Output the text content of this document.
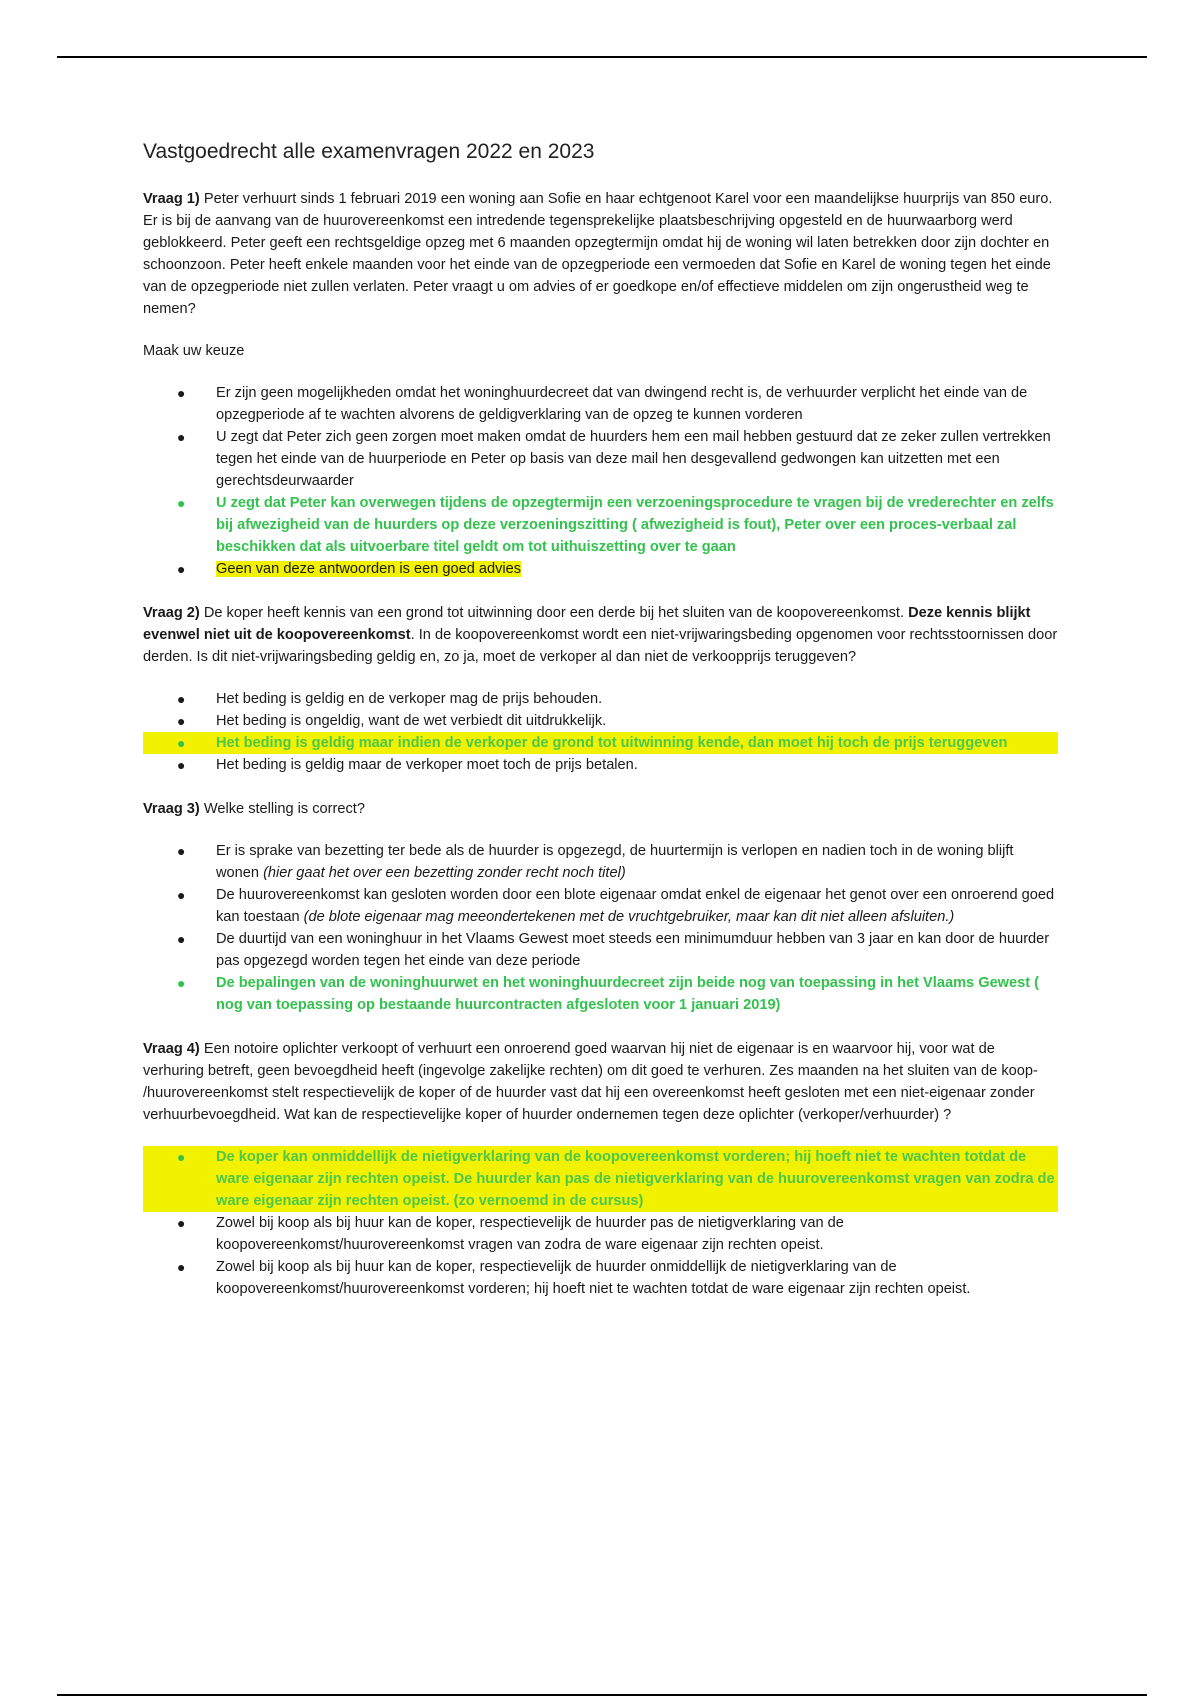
Vastgoedrecht alle examenvragen 2022 en 2023

Vraag 1) Peter verhuurt sinds 1 februari 2019 een woning aan Sofie en haar echtgenoot Karel voor een maandelijkse huurprijs van 850 euro. Er is bij de aanvang van de huurovereenkomst een intredende tegensprekelijke plaatsbeschrijving opgesteld en de huurwaarborg werd geblokkeerd. Peter geeft een rechtsgeldige opzeg met 6 maanden opzegtermijn omdat hij de woning wil laten betrekken door zijn dochter en schoonzoon. Peter heeft enkele maanden voor het einde van de opzegperiode een vermoeden dat Sofie en Karel de woning tegen het einde van de opzegperiode niet zullen verlaten. Peter vraagt u om advies of er goedkope en/of effectieve middelen om zijn ongerustheid weg te nemen?

Maak uw keuze

● Er zijn geen mogelijkheden omdat het woninghuurdecreet dat van dwingend recht is, de verhuurder verplicht het einde van de opzegperiode af te wachten alvorens de geldigverklaring van de opzeg te kunnen vorderen
● U zegt dat Peter zich geen zorgen moet maken omdat de huurders hem een mail hebben gestuurd dat ze zeker zullen vertrekken tegen het einde van de huurperiode en Peter op basis van deze mail hen desgevallend gedwongen kan uitzetten met een gerechtsdeurwaarder
● U zegt dat Peter kan overwegen tijdens de opzegtermijn een verzoeningsprocedure te vragen bij de vrederechter en zelfs bij afwezigheid van de huurders op deze verzoeningszitting ( afwezigheid is fout), Peter over een proces-verbaal zal beschikken dat als uitvoerbare titel geldt om tot uithuiszetting over te gaan
● Geen van deze antwoorden is een goed advies

Vraag 2) De koper heeft kennis van een grond tot uitwinning door een derde bij het sluiten van de koopovereenkomst. Deze kennis blijkt evenwel niet uit de koopovereenkomst. In de koopovereenkomst wordt een niet-vrijwaringsbeding opgenomen voor rechtsstoornissen door derden. Is dit niet-vrijwaringsbeding geldig en, zo ja, moet de verkoper al dan niet de verkoopprijs teruggeven?

● Het beding is geldig en de verkoper mag de prijs behouden.
● Het beding is ongeldig, want de wet verbiedt dit uitdrukkelijk.
● Het beding is geldig maar indien de verkoper de grond tot uitwinning kende, dan moet hij toch de prijs teruggeven
● Het beding is geldig maar de verkoper moet toch de prijs betalen.

Vraag 3) Welke stelling is correct?

● Er is sprake van bezetting ter bede als de huurder is opgezegd, de huurtermijn is verlopen en nadien toch in de woning blijft wonen (hier gaat het over een bezetting zonder recht noch titel)
● De huurovereenkomst kan gesloten worden door een blote eigenaar omdat enkel de eigenaar het genot over een onroerend goed kan toestaan (de blote eigenaar mag meeondertekenen met de vruchtgebruiker, maar kan dit niet alleen afsluiten.)
● De duurtijd van een woninghuur in het Vlaams Gewest moet steeds een minimumduur hebben van 3 jaar en kan door de huurder pas opgezegd worden tegen het einde van deze periode
● De bepalingen van de woninghuurwet en het woninghuurdecreet zijn beide nog van toepassing in het Vlaams Gewest ( nog van toepassing op bestaande huurcontracten afgesloten voor 1 januari 2019)

Vraag 4) Een notoire oplichter verkoopt of verhuurt een onroerend goed waarvan hij niet de eigenaar is en waarvoor hij, voor wat de verhuring betreft, geen bevoegdheid heeft (ingevolge zakelijke rechten) om dit goed te verhuren. Zes maanden na het sluiten van de koop- /huurovereenkomst stelt respectievelijk de koper of de huurder vast dat hij een overeenkomst heeft gesloten met een niet-eigenaar zonder verhuurbevoegdheid. Wat kan de respectievelijke koper of huurder ondernemen tegen deze oplichter (verkoper/verhuurder) ?

● De koper kan onmiddellijk de nietigverklaring van de koopovereenkomst vorderen; hij hoeft niet te wachten totdat de ware eigenaar zijn rechten opeist. De huurder kan pas de nietigverklaring van de huurovereenkomst vragen van zodra de ware eigenaar zijn rechten opeist. (zo vernoemd in de cursus)
● Zowel bij koop als bij huur kan de koper, respectievelijk de huurder pas de nietigverklaring van de koopovereenkomst/huurovereenkomst vragen van zodra de ware eigenaar zijn rechten opeist.
● Zowel bij koop als bij huur kan de koper, respectievelijk de huurder onmiddellijk de nietigverklaring van de koopovereenkomst/huurovereenkomst vorderen; hij hoeft niet te wachten totdat de ware eigenaar zijn rechten opeist.
